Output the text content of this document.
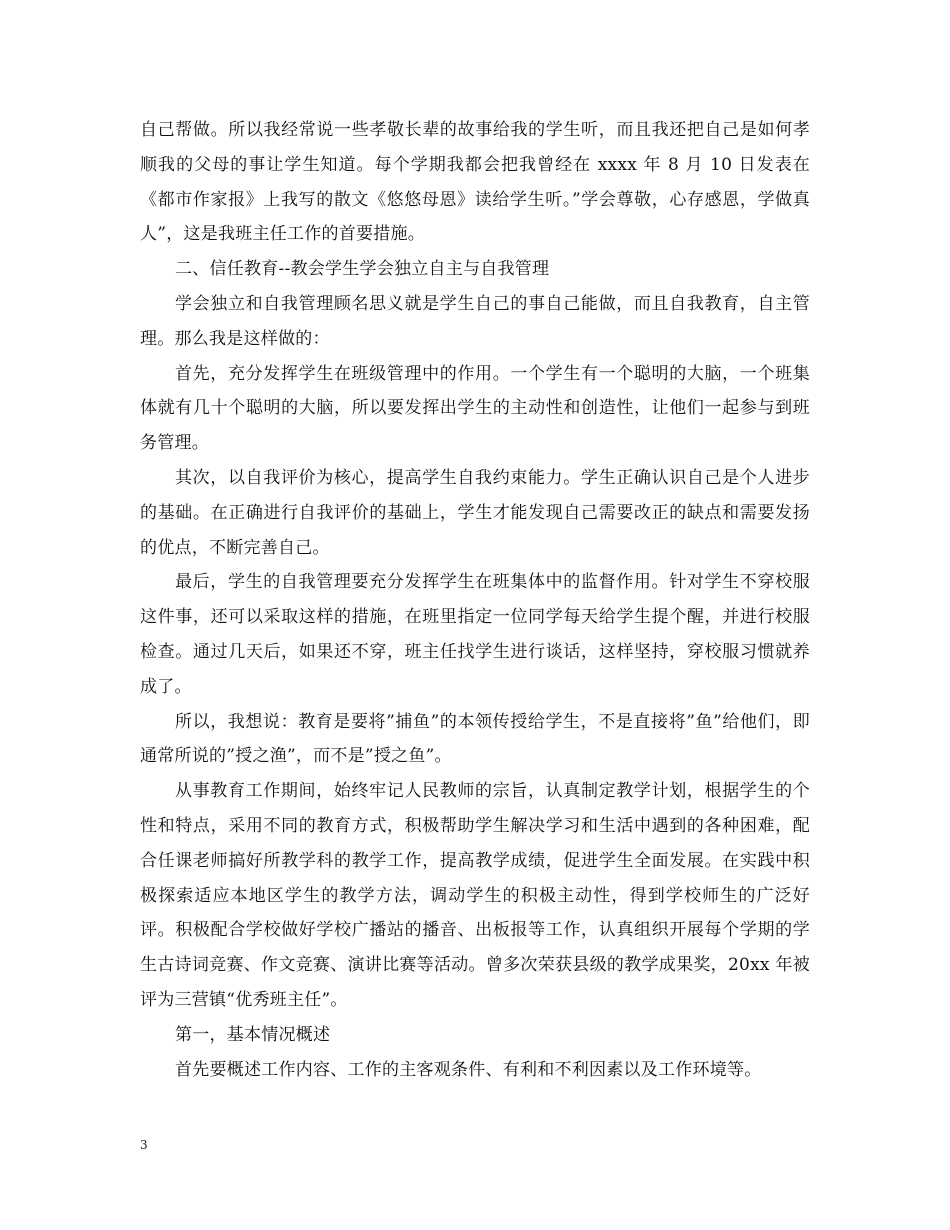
自己帮做。所以我经常说一些孝敬长辈的故事给我的学生听，而且我还把自己是如何孝顺我的父母的事让学生知道。每个学期我都会把我曾经在 xxxx 年 8 月 10 日发表在《都市作家报》上我写的散文《悠悠母恩》读给学生听。”学会尊敬，心存感恩，学做真人”，这是我班主任工作的首要措施。

二、信任教育--教会学生学会独立自主与自我管理

学会独立和自我管理顾名思义就是学生自己的事自己能做，而且自我教育，自主管理。那么我是这样做的：

首先，充分发挥学生在班级管理中的作用。一个学生有一个聪明的大脑，一个班集体就有几十个聪明的大脑，所以要发挥出学生的主动性和创造性，让他们一起参与到班务管理。

其次，以自我评价为核心，提高学生自我约束能力。学生正确认识自己是个人进步的基础。在正确进行自我评价的基础上，学生才能发现自己需要改正的缺点和需要发扬的优点，不断完善自己。

最后，学生的自我管理要充分发挥学生在班集体中的监督作用。针对学生不穿校服这件事，还可以采取这样的措施，在班里指定一位同学每天给学生提个醒，并进行校服检查。通过几天后，如果还不穿，班主任找学生进行谈话，这样坚持，穿校服习惯就养成了。

所以，我想说：教育是要将”捕鱼”的本领传授给学生，不是直接将”鱼”给他们，即通常所说的”授之渔”，而不是”授之鱼”。

从事教育工作期间，始终牢记人民教师的宗旨，认真制定教学计划，根据学生的个性和特点，采用不同的教育方式，积极帮助学生解决学习和生活中遇到的各种困难，配合任课老师搞好所教学科的教学工作，提高教学成绩，促进学生全面发展。在实践中积极探索适应本地区学生的教学方法，调动学生的积极主动性，得到学校师生的广泛好评。积极配合学校做好学校广播站的播音、出板报等工作，认真组织开展每个学期的学生古诗词竞赛、作文竞赛、演讲比赛等活动。曾多次荣获县级的教学成果奖，20xx 年被评为三营镇“优秀班主任”。

第一，基本情况概述

首先要概述工作内容、工作的主客观条件、有利和不利因素以及工作环境等。

3
